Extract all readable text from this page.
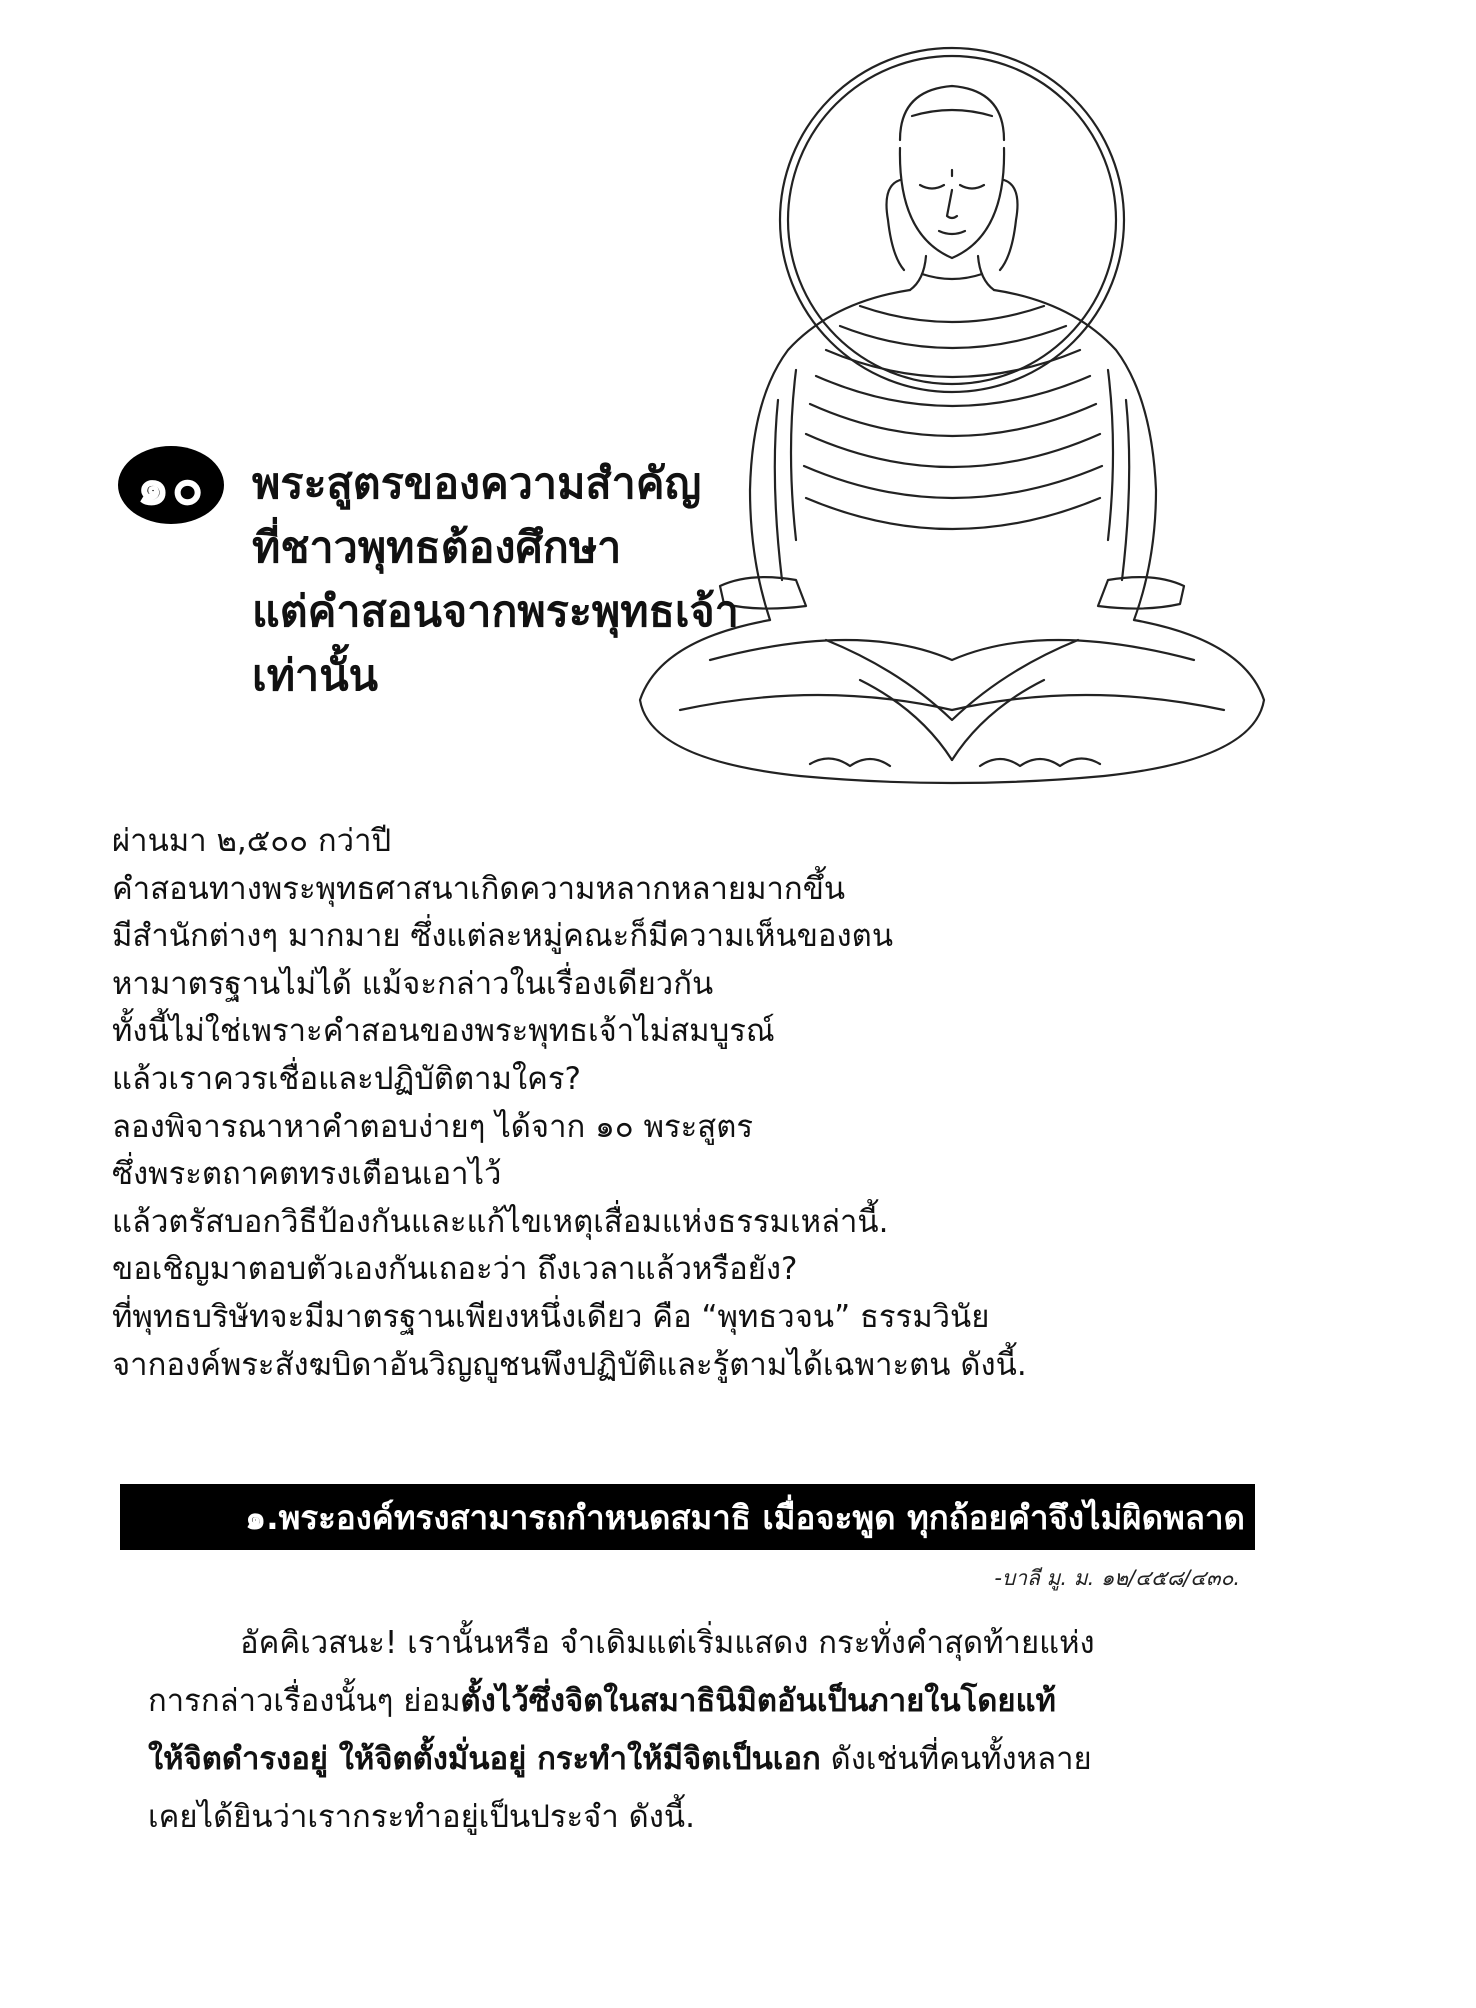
๑๐ พระสูตรของความสำคัญ
ที่ชาวพุทธต้องศึกษา
แต่คำสอนจากพระพุทธเจ้า
เท่านั้น
ผ่านมา ๒,๕๐๐ กว่าปี
คำสอนทางพระพุทธศาสนาเกิดความหลากหลายมากขึ้น
มีสำนักต่างๆ มากมาย ซึ่งแต่ละหมู่คณะก็มีความเห็นของตน
หามาตรฐานไม่ได้ แม้จะกล่าวในเรื่องเดียวกัน
ทั้งนี้ไม่ใช่เพราะคำสอนของพระพุทธเจ้าไม่สมบูรณ์
แล้วเราควรเชื่อและปฏิบัติตามใคร?
ลองพิจารณาหาคำตอบง่ายๆ ได้จาก ๑๐ พระสูตร
ซึ่งพระตถาคตทรงเตือนเอาไว้
แล้วตรัสบอกวิธีป้องกันและแก้ไขเหตุเสื่อมแห่งธรรมเหล่านี้.
ขอเชิญมาตอบตัวเองกันเถอะว่า ถึงเวลาแล้วหรือยัง?
ที่พุทธบริษัทจะมีมาตรฐานเพียงหนึ่งเดียว คือ “พุทธวจน” ธรรมวินัย
จากองค์พระสังฆบิดาอันวิญญูชนพึงปฏิบัติและรู้ตามได้เฉพาะตน ดังนี้.
๑.พระองค์ทรงสามารถกำหนดสมาธิ เมื่อจะพูด ทุกถ้อยคำจึงไม่ผิดพลาด
-บาลี มู. ม. ๑๒/๔๕๘/๔๓๐.
อัคคิเวสนะ! เรานั้นหรือ จำเดิมแต่เริ่มแสดง กระทั่งคำสุดท้ายแห่ง
การกล่าวเรื่องนั้นๆ ย่อมตั้งไว้ซึ่งจิตในสมาธินิมิตอันเป็นภายในโดยแท้
ให้จิตดำรงอยู่ ให้จิตตั้งมั่นอยู่ กระทำให้มีจิตเป็นเอก ดังเช่นที่คนทั้งหลาย
เคยได้ยินว่าเรากระทำอยู่เป็นประจำ ดังนี้.
